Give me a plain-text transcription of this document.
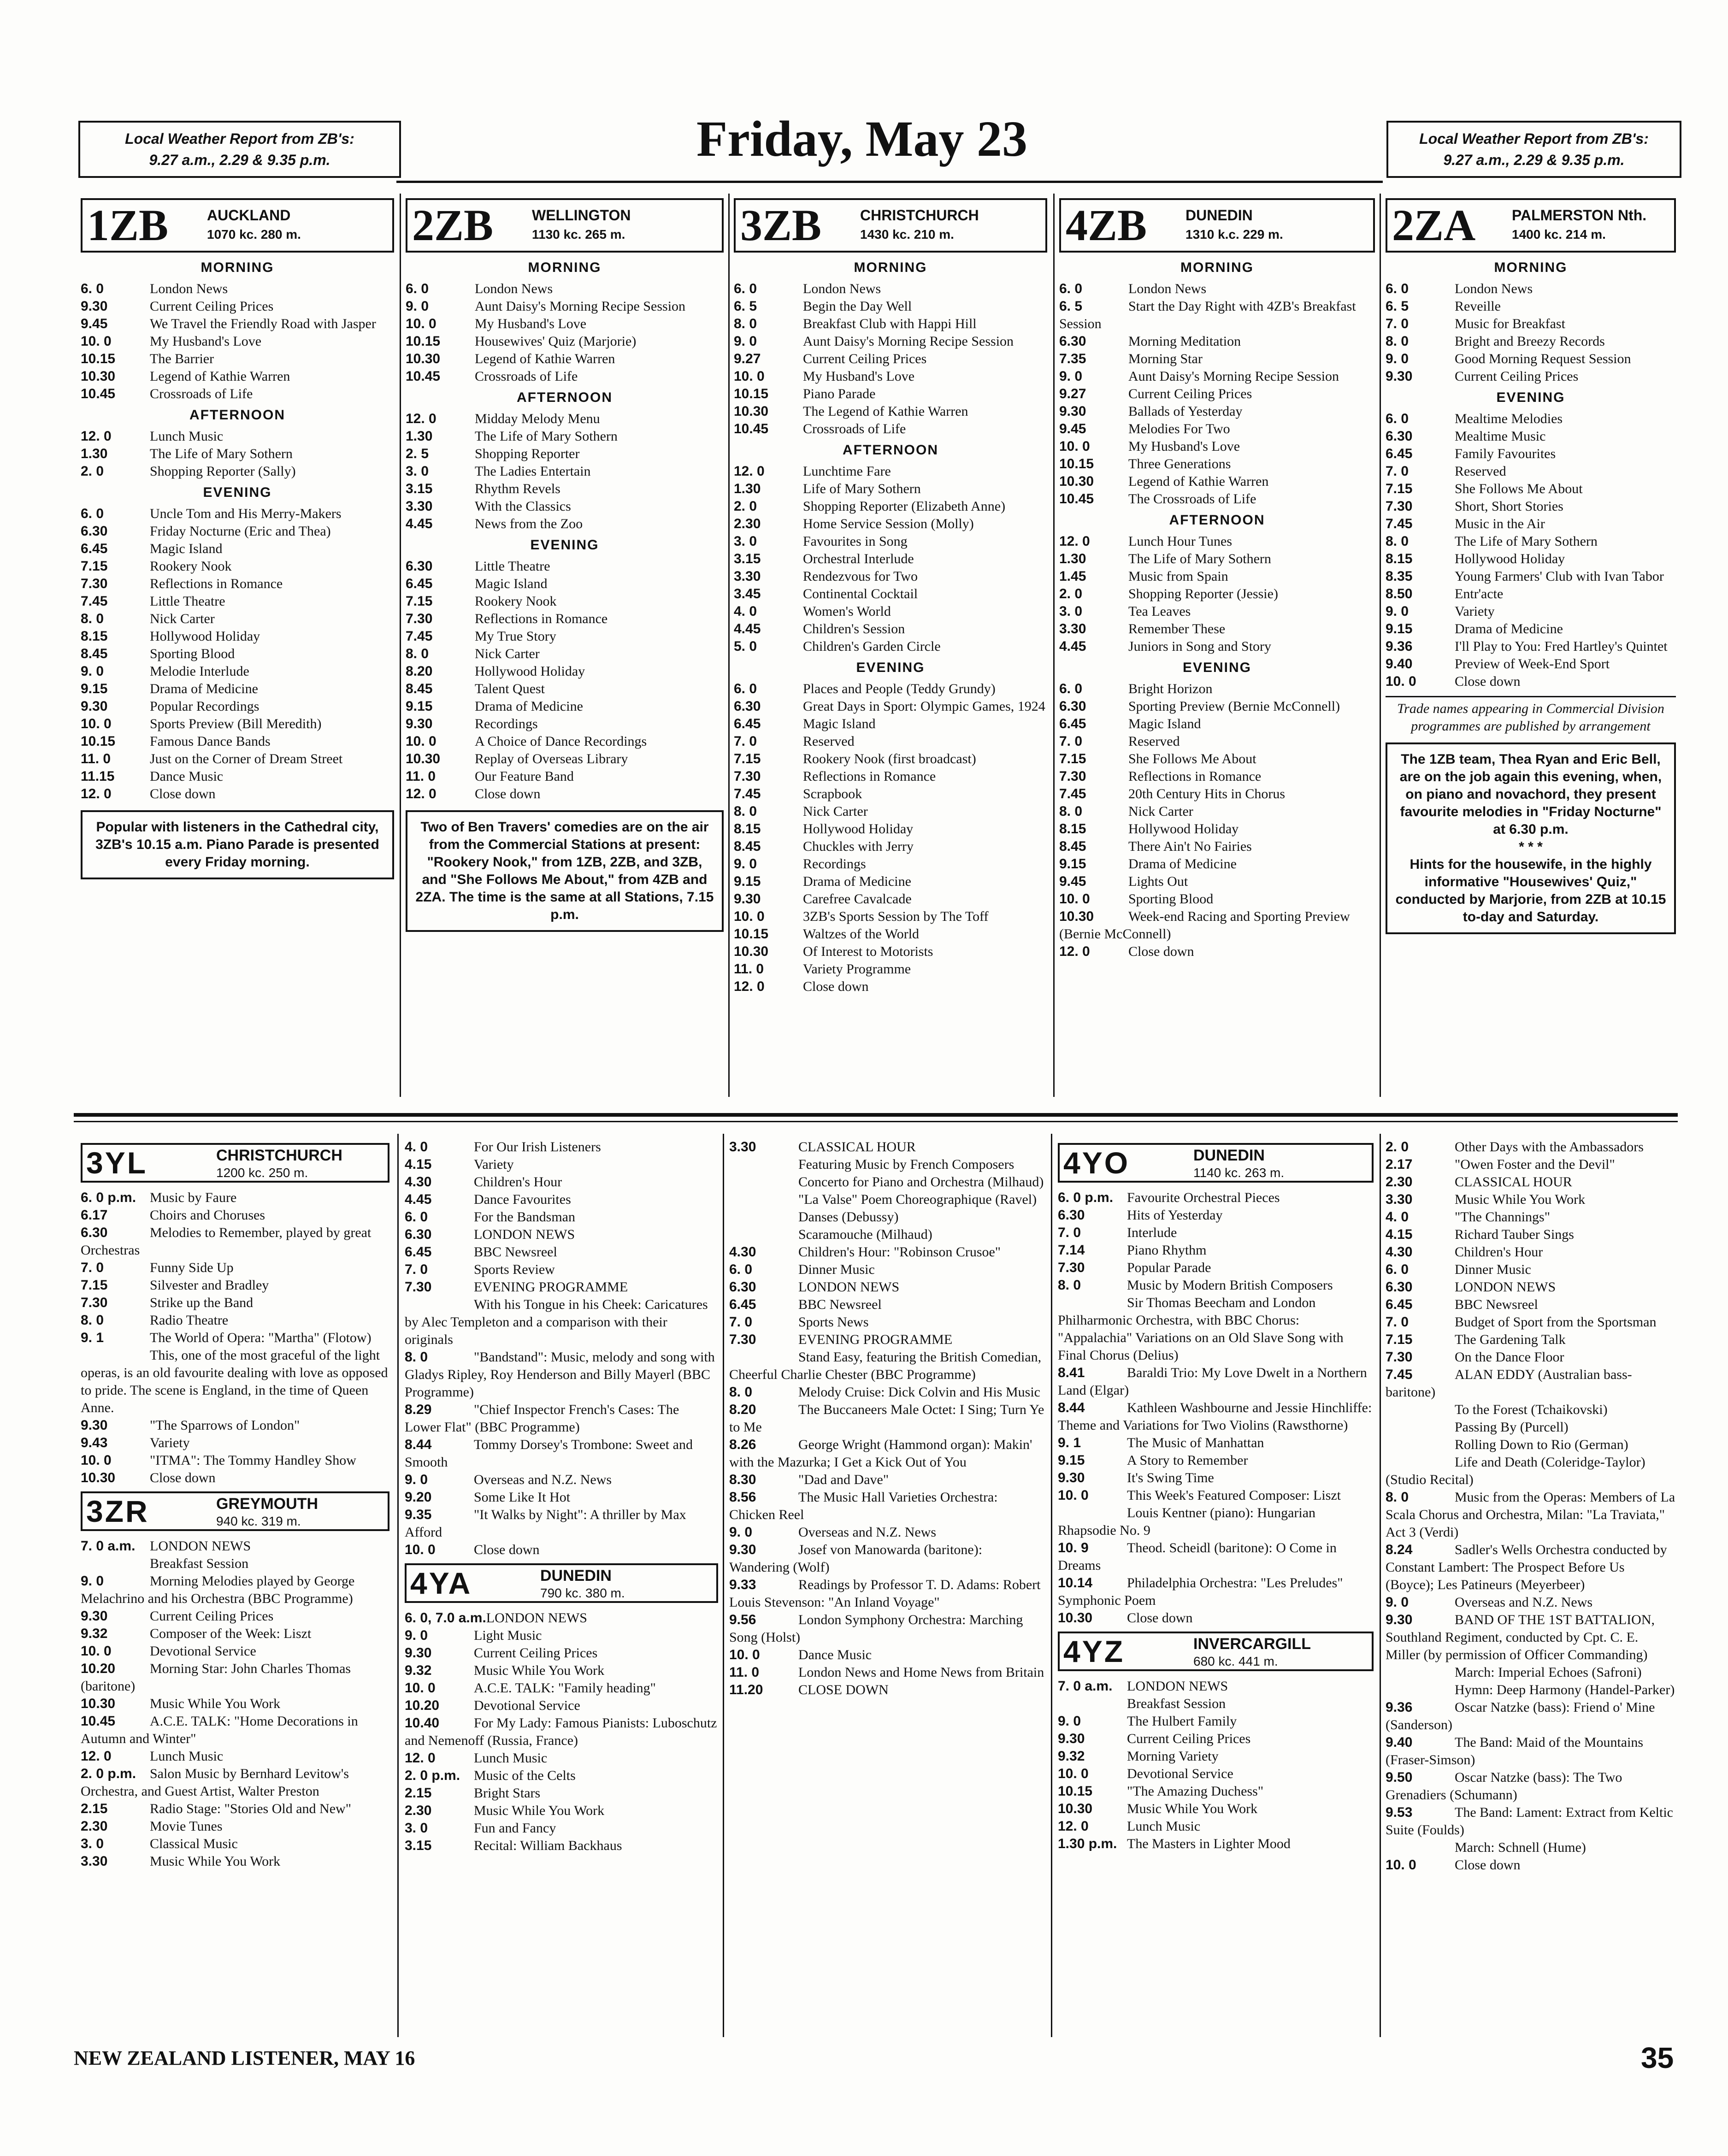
Local Weather Report from ZB's:
9.27 a.m., 2.29 & 9.35 p.m.	Friday, May 23	Local Weather Report from ZB's:
9.27 a.m., 2.29 & 9.35 p.m.
1ZB	AUCKLAND
1070 kc. 280 m.
MORNING
6. 0	London News
9.30	Current Ceiling Prices
9.45	We Travel the Friendly Road with Jasper
10. 0	My Husband's Love
10.15 The Barrier
10.30 Legend of Kathie Warren
10.45 Crossroads of Life
AFTERNOON
12. 0	Lunch Music
1.30	The Life of Mary Sothern
2. 0	Shopping Reporter (Sally)
EVENING
6. 0	Uncle Tom and His Merry-Makers
6.30	Friday Nocturne (Eric and Thea)
6.45	Magic Island
7.15	Rookery Nook
7.30	Reflections in Romance
7.45	Little Theatre
8. 0	Nick Carter
8.15	Hollywood Holiday
8.45	Sporting Blood
9. 0	Melodie Interlude
9.15	Drama of Medicine
9.30	Popular Recordings
10. 0	Sports Preview (Bill Meredith)
10.15 Famous Dance Bands
11. 0	Just on the Corner of Dream Street
11.15	Dance Music
12. 0	Close down
Popular with listeners in the Cathedral city, 3ZB's 10.15 a.m. Piano Parade is presented every Friday morning.
2ZB	WELLINGTON
1130 kc. 265 m.
MORNING
6. 0	London News
9. 0	Aunt Daisy's Morning Recipe Session
10. 0	My Husband's Love
10.15 Housewives' Quiz (Marjorie)
10.30 Legend of Kathie Warren
10.45 Crossroads of Life
AFTERNOON
12. 0	Midday Melody Menu
1.30	The Life of Mary Sothern
2. 5	Shopping Reporter
3. 0	The Ladies Entertain
3.15	Rhythm Revels
3.30	With the Classics
4.45	News from the Zoo
EVENING
6.30	Little Theatre
6.45	Magic Island
7.15	Rookery Nook
7.30	Reflections in Romance
7.45	My True Story
8. 0	Nick Carter
8.20	Hollywood Holiday
8.45	Talent Quest
9.15	Drama of Medicine
9.30	Recordings
10. 0	A Choice of Dance Recordings
10.30 Replay of Overseas Library
11. 0	Our Feature Band
12. 0	Close down
Two of Ben Travers' comedies are on the air from the Commercial Stations at present: "Rookery Nook," from 1ZB, 2ZB, and 3ZB, and "She Follows Me About," from 4ZB and 2ZA. The time is the same at all Stations, 7.15 p.m.
3ZB	CHRISTCHURCH
1430 kc. 210 m.
MORNING
6. 0	London News
6. 5	Begin the Day Well
8. 0	Breakfast Club with Happi Hill
9. 0	Aunt Daisy's Morning Recipe Session
9.27	Current Ceiling Prices
10. 0	My Husband's Love
10.15 Piano Parade
10.30 The Legend of Kathie Warren
10.45 Crossroads of Life
AFTERNOON
12. 0	Lunchtime Fare
1.30	Life of Mary Sothern
2. 0	Shopping Reporter (Elizabeth Anne)
2.30	Home Service Session (Molly)
3. 0	Favourites in Song
3.15	Orchestral Interlude
3.30	Rendezvous for Two
3.45	Continental Cocktail
4. 0	Women's World
4.45	Children's Session
5. 0	Children's Garden Circle
EVENING
6. 0	Places and People (Teddy Grundy)
6.30	Great Days in Sport: Olympic Games, 1924
6.45	Magic Island
7. 0	Reserved
7.15	Rookery Nook (first broadcast)
7.30	Reflections in Romance
7.45	Scrapbook
8. 0	Nick Carter
8.15	Hollywood Holiday
8.45	Chuckles with Jerry
9. 0	Recordings
9.15	Drama of Medicine
9.30	Carefree Cavalcade
10. 0	3ZB's Sports Session by The Toff
10.15 Waltzes of the World
10.30 Of Interest to Motorists
11. 0	Variety Programme
12. 0	Close down
4ZB	DUNEDIN
1310 k.c. 229 m.
MORNING
6. 0	London News
6. 5	Start the Day Right with 4ZB's Breakfast Session
6.30	Morning Meditation
7.35	Morning Star
9. 0	Aunt Daisy's Morning Recipe Session
9.27	Current Ceiling Prices
9.30	Ballads of Yesterday
9.45	Melodies For Two
10. 0	My Husband's Love
10.15 Three Generations
10.30 Legend of Kathie Warren
10.45 The Crossroads of Life
AFTERNOON
12. 0	Lunch Hour Tunes
1.30	The Life of Mary Sothern
1.45	Music from Spain
2. 0	Shopping Reporter (Jessie)
3. 0	Tea Leaves
3.30	Remember These
4.45	Juniors in Song and Story
EVENING
6. 0	Bright Horizon
6.30	Sporting Preview (Bernie McConnell)
6.45	Magic Island
7. 0	Reserved
7.15	She Follows Me About
7.30	Reflections in Romance
7.45	20th Century Hits in Chorus
8. 0	Nick Carter
8.15	Hollywood Holiday
8.45	There Ain't No Fairies
9.15	Drama of Medicine
9.45	Lights Out
10. 0	Sporting Blood
10.30 Week-end Racing and Sporting Preview (Bernie McConnell)
12. 0	Close down
2ZA PALMERSTON Nth.
1400 kc. 214 m.
MORNING
6. 0	London News
6. 5	Reveille
7. 0	Music for Breakfast
8. 0	Bright and Breezy Records
9. 0	Good Morning Request Session
9.30	Current Ceiling Prices
EVENING
6. 0	Mealtime Melodies
6.30	Mealtime Music
6.45	Family Favourites
7. 0	Reserved
7.15	She Follows Me About
7.30	Short, Short Stories
7.45	Music in the Air
8. 0	The Life of Mary Sothern
8.15	Hollywood Holiday
8.35	Young Farmers' Club with Ivan Tabor
8.50	Entr'acte
9. 0	Variety
9.15	Drama of Medicine
9.36	I'll Play to You: Fred Hartley's Quintet
9.40	Preview of Week-End Sport
10. 0	Close down
Trade names appearing in Commercial Division programmes are published by arrangement
The 1ZB team, Thea Ryan and Eric Bell, are on the job again this evening, when, on piano and novachord, they present favourite melodies in "Friday Nocturne" at 6.30 p.m.
* * *
Hints for the housewife, in the highly informative "Housewives' Quiz," conducted by Marjorie, from 2ZB at 10.15 to-day and Saturday.
3YL	CHRISTCHURCH
1200 kc. 250 m.
6. 0 p.m. Music by Faure
6.17	Choirs and Choruses
6.30	Melodies to Remember, played by great Orchestras
7. 0	Funny Side Up
7.15	Silvester and Bradley
7.30	Strike up the Band
8. 0	Radio Theatre
9. 1	The World of Opera: "Martha" (Flotow)
This, one of the most graceful of the light operas, is an old favourite dealing with love as opposed to pride. The scene is England, in the time of Queen Anne.
9.30	"The Sparrows of London"
9.43	Variety
10. 0	"ITMA": The Tommy Handley Show
10.30 Close down
3ZR	GREYMOUTH
940 kc. 319 m.
7. 0 a.m. LONDON NEWS
Breakfast Session
9. 0	Morning Melodies played by George Melachrino and his Orchestra (BBC Programme)
9.30	Current Ceiling Prices
9.32	Composer of the Week: Liszt
10. 0	Devotional Service
10.20 Morning Star: John Charles Thomas (baritone)
10.30 Music While You Work
10.45 A.C.E. TALK: "Home Decorations in Autumn and Winter"
12. 0	Lunch Music
2. 0 p.m. Salon Music by Bernhard Levitow's Orchestra, and Guest Artist, Walter Preston
2.15	Radio Stage: "Stories Old and New"
2.30	Movie Tunes
3. 0	Classical Music
3.30	Music While You Work
4. 0	For Our Irish Listeners
4.15	Variety
4.30	Children's Hour
4.45	Dance Favourites
6. 0	For the Bandsman
6.30	LONDON NEWS
6.45	BBC Newsreel
7. 0	Sports Review
7.30	EVENING PROGRAMME
With his Tongue in his Cheek: Caricatures by Alec Templeton and a comparison with their originals
8. 0	"Bandstand": Music, melody and song with Gladys Ripley, Roy Henderson and Billy Mayerl (BBC Programme)
8.29	"Chief Inspector French's Cases: The Lower Flat" (BBC Programme)
8.44	Tommy Dorsey's Trombone: Sweet and Smooth
9. 0	Overseas and N.Z. News
9.20	Some Like It Hot
9.35	"It Walks by Night": A thriller by Max Afford
10. 0	Close down
4YA	DUNEDIN
790 kc. 380 m.
6. 0, 7.0 a.m.LONDON NEWS
9. 0	Light Music
9.30	Current Ceiling Prices
9.32	Music While You Work
10. 0	A.C.E. TALK: "Family heading"
10.20 Devotional Service
10.40 For My Lady: Famous Pianists: Luboschutz and Nemenoff (Russia, France)
12. 0	Lunch Music
2. 0 p.m. Music of the Celts
2.15	Bright Stars
2.30	Music While You Work
3. 0	Fun and Fancy
3.15	Recital: William Backhaus
3.30	CLASSICAL HOUR
Featuring Music by French Composers
Concerto for Piano and Orchestra (Milhaud)
"La Valse" Poem Choreographique (Ravel)
Danses (Debussy)
Scaramouche (Milhaud)
4.30	Children's Hour: "Robinson Crusoe"
6. 0	Dinner Music
6.30	LONDON NEWS
6.45	BBC Newsreel
7. 0	Sports News
7.30	EVENING PROGRAMME
Stand Easy, featuring the British Comedian, Cheerful Charlie Chester (BBC Programme)
8. 0	Melody Cruise: Dick Colvin and His Music
8.20	The Buccaneers Male Octet: I Sing; Turn Ye to Me
8.26	George Wright (Hammond organ): Makin' with the Mazurka; I Get a Kick Out of You
8.30	"Dad and Dave"
8.56	The Music Hall Varieties Orchestra: Chicken Reel
9. 0	Overseas and N.Z. News
9.30	Josef von Manowarda (baritone): Wandering (Wolf)
9.33	Readings by Professor T. D. Adams: Robert Louis Stevenson: "An Inland Voyage"
9.56	London Symphony Orchestra: Marching Song (Holst)
10. 0	Dance Music
11. 0	London News and Home News from Britain
11.20	CLOSE DOWN
4YO	DUNEDIN
1140 kc. 263 m.
6. 0 p.m. Favourite Orchestral Pieces
6.30	Hits of Yesterday
7. 0	Interlude
7.14	Piano Rhythm
7.30	Popular Parade
8. 0	Music by Modern British Composers
Sir Thomas Beecham and London Philharmonic Orchestra, with BBC Chorus: "Appalachia" Variations on an Old Slave Song with Final Chorus (Delius)
8.41	Baraldi Trio: My Love Dwelt in a Northern Land (Elgar)
8.44	Kathleen Washbourne and Jessie Hinchliffe: Theme and Variations for Two Violins (Rawsthorne)
9. 1	The Music of Manhattan
9.15	A Story to Remember
9.30	It's Swing Time
10. 0	This Week's Featured Composer: Liszt
Louis Kentner (piano): Hungarian Rhapsodie No. 9
10. 9	Theod. Scheidl (baritone): O Come in Dreams
10.14 Philadelphia Orchestra: "Les Preludes" Symphonic Poem
10.30 Close down
4YZ	INVERCARGILL
680 kc. 441 m.
7. 0 a.m. LONDON NEWS
Breakfast Session
9. 0	The Hulbert Family
9.30	Current Ceiling Prices
9.32	Morning Variety
10. 0	Devotional Service
10.15 "The Amazing Duchess"
10.30 Music While You Work
12. 0	Lunch Music
1.30 p.m. The Masters in Lighter Mood
2. 0	Other Days with the Ambassadors
2.17	"Owen Foster and the Devil"
2.30	CLASSICAL HOUR
3.30	Music While You Work
4. 0	"The Channings"
4.15	Richard Tauber Sings
4.30	Children's Hour
6. 0	Dinner Music
6.30	LONDON NEWS
6.45	BBC Newsreel
7. 0	Budget of Sport from the Sportsman
7.15	The Gardening Talk
7.30	On the Dance Floor
7.45	ALAN EDDY (Australian bass-baritone)
To the Forest (Tchaikovski)
Passing By (Purcell)
Rolling Down to Rio (German)
Life and Death (Coleridge-Taylor) (Studio Recital)
8. 0	Music from the Operas: Members of La Scala Chorus and Orchestra, Milan: "La Traviata," Act 3 (Verdi)
8.24	Sadler's Wells Orchestra conducted by Constant Lambert: The Prospect Before Us (Boyce); Les Patineurs (Meyerbeer)
9. 0	Overseas and N.Z. News
9.30	BAND OF THE 1ST BATTALION, Southland Regiment, conducted by Cpt. C. E. Miller (by permission of Officer Commanding)
March: Imperial Echoes (Safroni)
Hymn: Deep Harmony (Handel-Parker)
9.36	Oscar Natzke (bass): Friend o' Mine (Sanderson)
9.40	The Band: Maid of the Mountains (Fraser-Simson)
9.50	Oscar Natzke (bass): The Two Grenadiers (Schumann)
9.53	The Band: Lament: Extract from Keltic Suite (Foulds)
March: Schnell (Hume)
10. 0	Close down
NEW ZEALAND LISTENER, MAY 16	35
